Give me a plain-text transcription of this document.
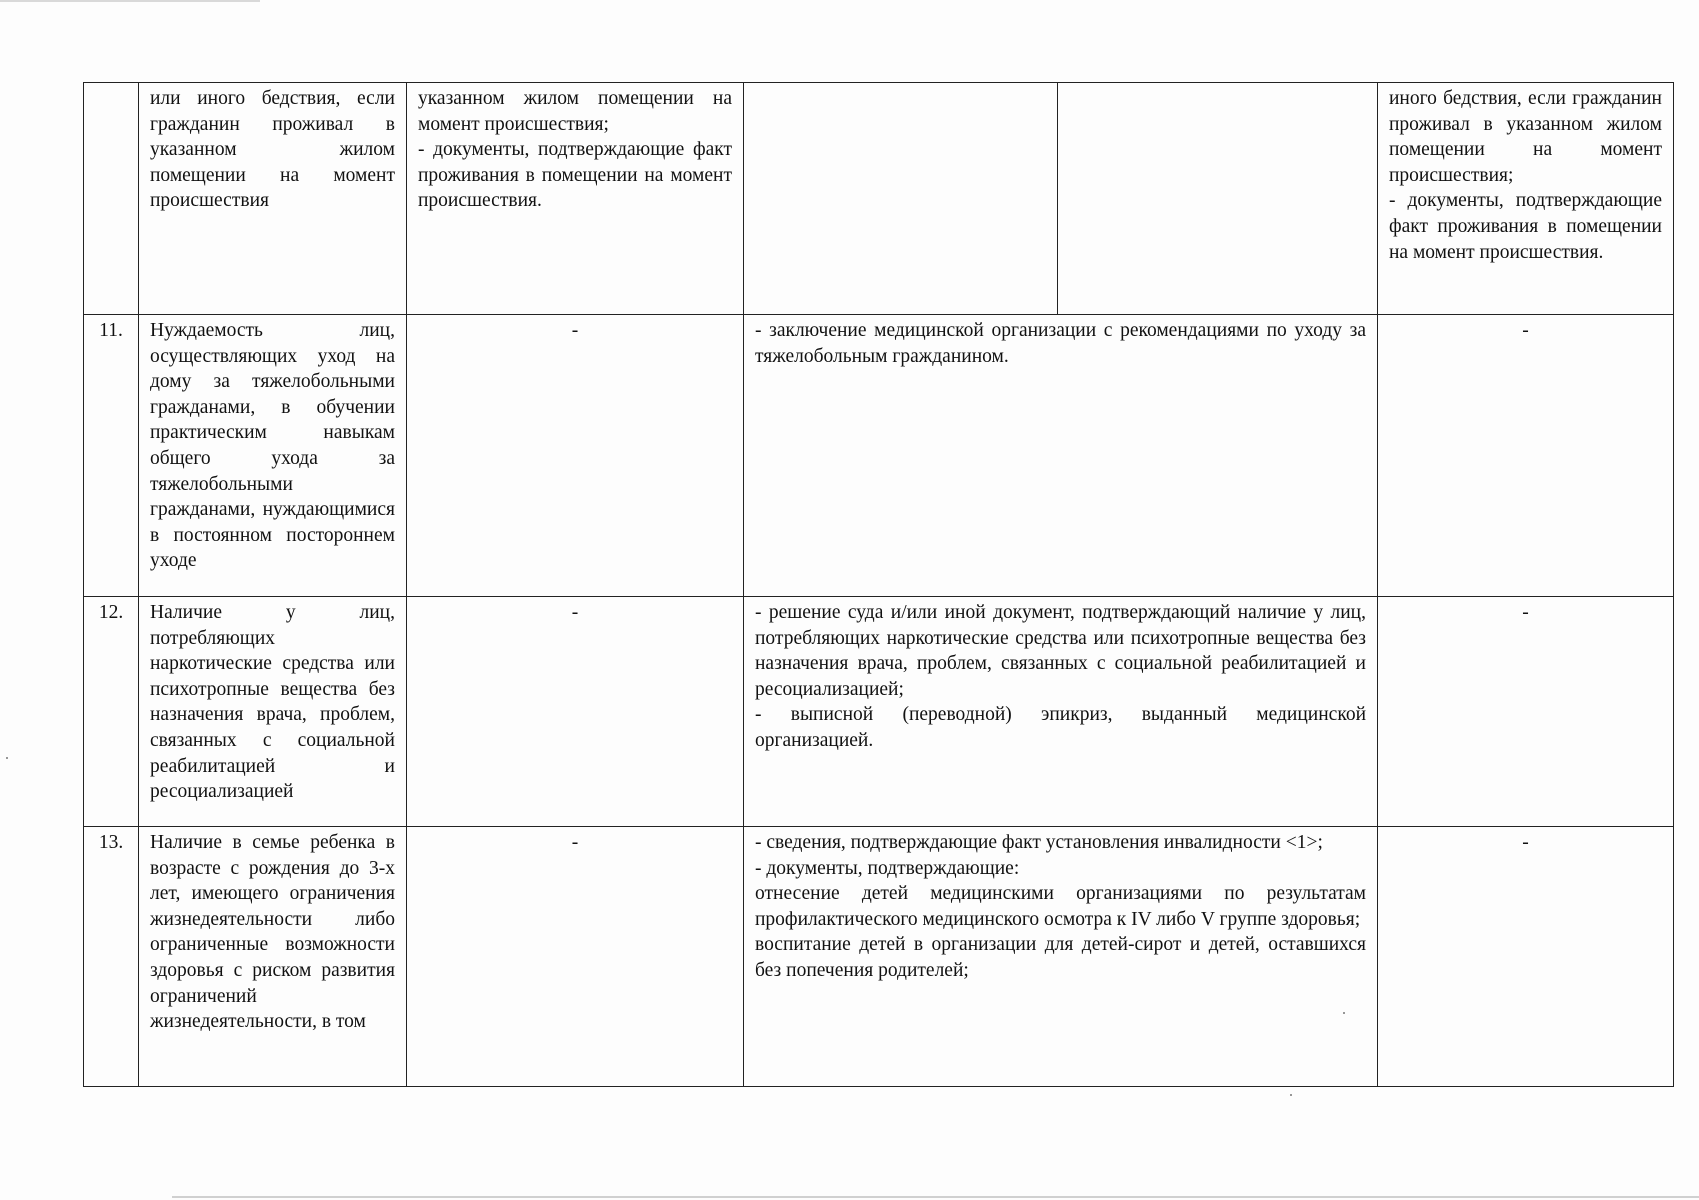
	или иного бедствия, если гражданин проживал в указанном жилом помещении на момент происшествия	указанном жилом помещении на момент происшествия;
- документы, подтверждающие факт проживания в помещении на момент происшествия.			иного бедствия, если гражданин проживал в указанном жилом помещении на момент происшествия;
- документы, подтверждающие факт проживания в помещении на момент происшествия.

11.	Нуждаемость лиц, осуществляющих уход на дому за тяжелобольными гражданами, в обучении практическим навыкам общего ухода за тяжелобольными гражданами, нуждающимися в постоянном постороннем уходе	-	- заключение медицинской организации с рекомендациями по уходу за тяжелобольным гражданином.		-

12.	Наличие у лиц, потребляющих наркотические средства или психотропные вещества без назначения врача, проблем, связанных с социальной реабилитацией и ресоциализацией	-	- решение суда и/или иной документ, подтверждающий наличие у лиц, потребляющих наркотические средства или психотропные вещества без назначения врача, проблем, связанных с социальной реабилитацией и ресоциализацией;
- выписной (переводной) эпикриз, выданный медицинской организацией.		-

13.	Наличие в семье ребенка в возрасте с рождения до 3-х лет, имеющего ограничения жизнедеятельности либо ограниченные возможности здоровья с риском развития ограничений жизнедеятельности, в том	-	- сведения, подтверждающие факт установления инвалидности <1>;
- документы, подтверждающие:
отнесение детей медицинскими организациями по результатам профилактического медицинского осмотра к IV либо V группе здоровья;
воспитание детей в организации для детей-сирот и детей, оставшихся без попечения родителей;		-
